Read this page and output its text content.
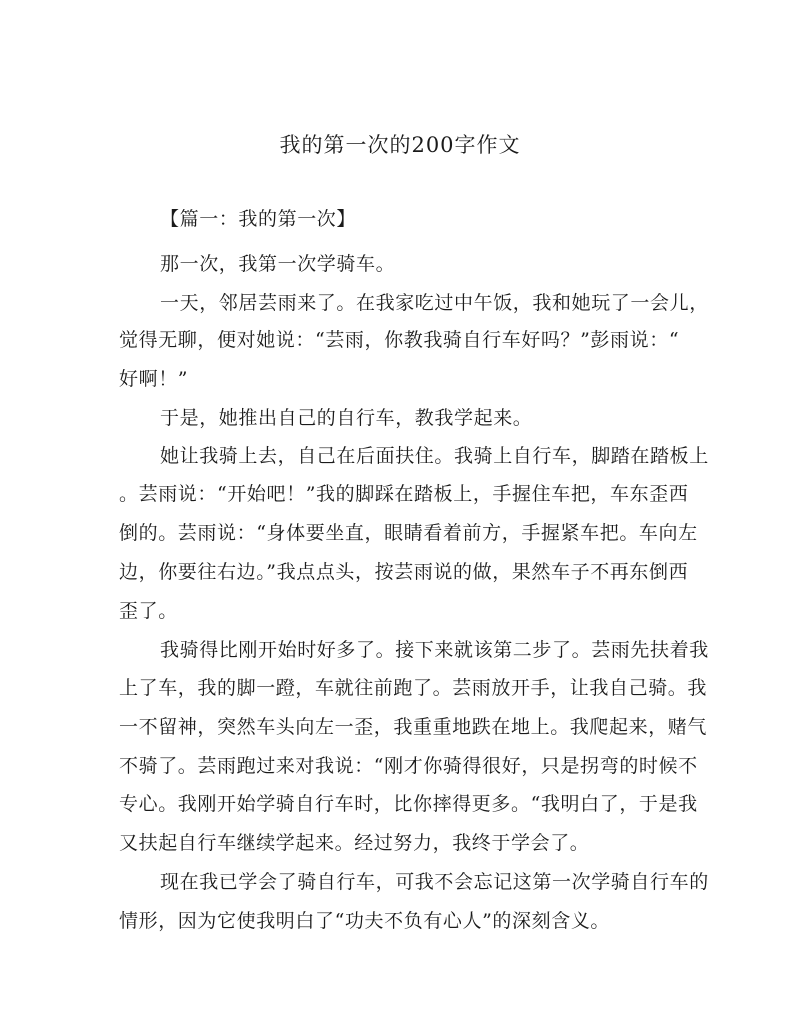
我的第一次的200字作文
【篇一：我的第一次】
那一次，我第一次学骑车。
一天，邻居芸雨来了。在我家吃过中午饭，我和她玩了一会儿，
觉得无聊，便对她说：“芸雨，你教我骑自行车好吗？”彭雨说：“
好啊！”
于是，她推出自己的自行车，教我学起来。
她让我骑上去，自己在后面扶住。我骑上自行车，脚踏在踏板上
。芸雨说：“开始吧！”我的脚踩在踏板上，手握住车把，车东歪西
倒的。芸雨说：“身体要坐直，眼睛看着前方，手握紧车把。车向左
边，你要往右边。”我点点头，按芸雨说的做，果然车子不再东倒西
歪了。
我骑得比刚开始时好多了。接下来就该第二步了。芸雨先扶着我
上了车，我的脚一蹬，车就往前跑了。芸雨放开手，让我自己骑。我
一不留神，突然车头向左一歪，我重重地跌在地上。我爬起来，赌气
不骑了。芸雨跑过来对我说：“刚才你骑得很好，只是拐弯的时候不
专心。我刚开始学骑自行车时，比你摔得更多。“我明白了，于是我
又扶起自行车继续学起来。经过努力，我终于学会了。
现在我已学会了骑自行车，可我不会忘记这第一次学骑自行车的
情形，因为它使我明白了“功夫不负有心人”的深刻含义。
